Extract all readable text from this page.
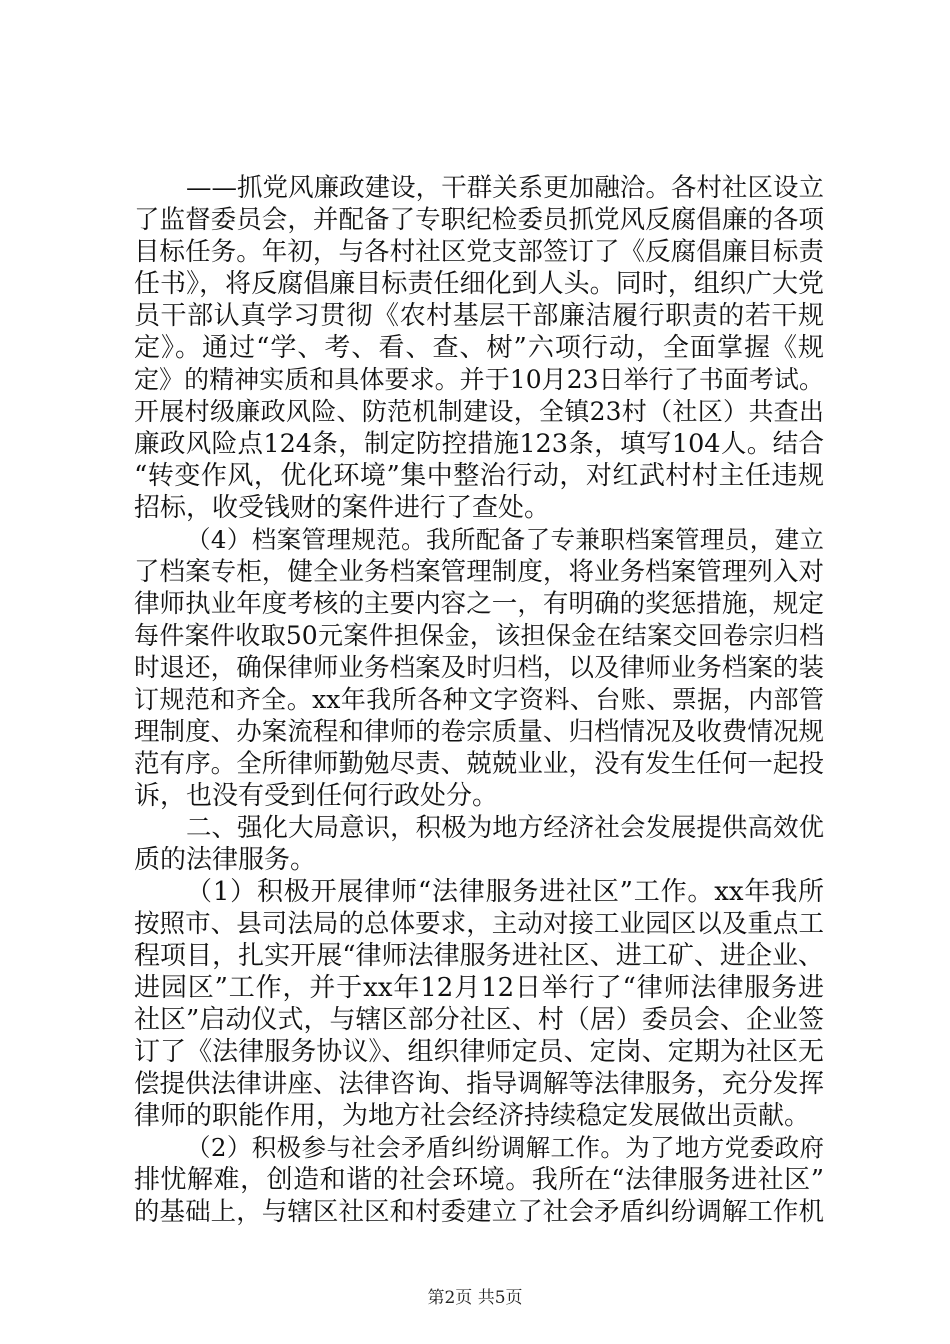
——抓党风廉政建设，干群关系更加融洽。各村社区设立
了监督委员会，并配备了专职纪检委员抓党风反腐倡廉的各项
目标任务。年初，与各村社区党支部签订了《反腐倡廉目标责
任书》，将反腐倡廉目标责任细化到人头。同时，组织广大党
员干部认真学习贯彻《农村基层干部廉洁履行职责的若干规
定》。通过“学、考、看、查、树”六项行动，全面掌握《规
定》的精神实质和具体要求。并于10月23日举行了书面考试。
开展村级廉政风险、防范机制建设，全镇23村（社区）共查出
廉政风险点124条，制定防控措施123条，填写104人。结合
“转变作风，优化环境”集中整治行动，对红武村村主任违规
招标，收受钱财的案件进行了查处。
（4）档案管理规范。我所配备了专兼职档案管理员，建立
了档案专柜，健全业务档案管理制度，将业务档案管理列入对
律师执业年度考核的主要内容之一，有明确的奖惩措施，规定
每件案件收取50元案件担保金，该担保金在结案交回卷宗归档
时退还，确保律师业务档案及时归档，以及律师业务档案的装
订规范和齐全。xx年我所各种文字资料、台账、票据，内部管
理制度、办案流程和律师的卷宗质量、归档情况及收费情况规
范有序。全所律师勤勉尽责、兢兢业业，没有发生任何一起投
诉，也没有受到任何行政处分。
二、强化大局意识，积极为地方经济社会发展提供高效优
质的法律服务。
（1）积极开展律师“法律服务进社区”工作。xx年我所
按照市、县司法局的总体要求，主动对接工业园区以及重点工
程项目，扎实开展“律师法律服务进社区、进工矿、进企业、
进园区”工作，并于xx年12月12日举行了“律师法律服务进
社区”启动仪式，与辖区部分社区、村（居）委员会、企业签
订了《法律服务协议》、组织律师定员、定岗、定期为社区无
偿提供法律讲座、法律咨询、指导调解等法律服务，充分发挥
律师的职能作用，为地方社会经济持续稳定发展做出贡献。
（2）积极参与社会矛盾纠纷调解工作。为了地方党委政府
排忧解难，创造和谐的社会环境。我所在“法律服务进社区”
的基础上，与辖区社区和村委建立了社会矛盾纠纷调解工作机
第2页 共5页
